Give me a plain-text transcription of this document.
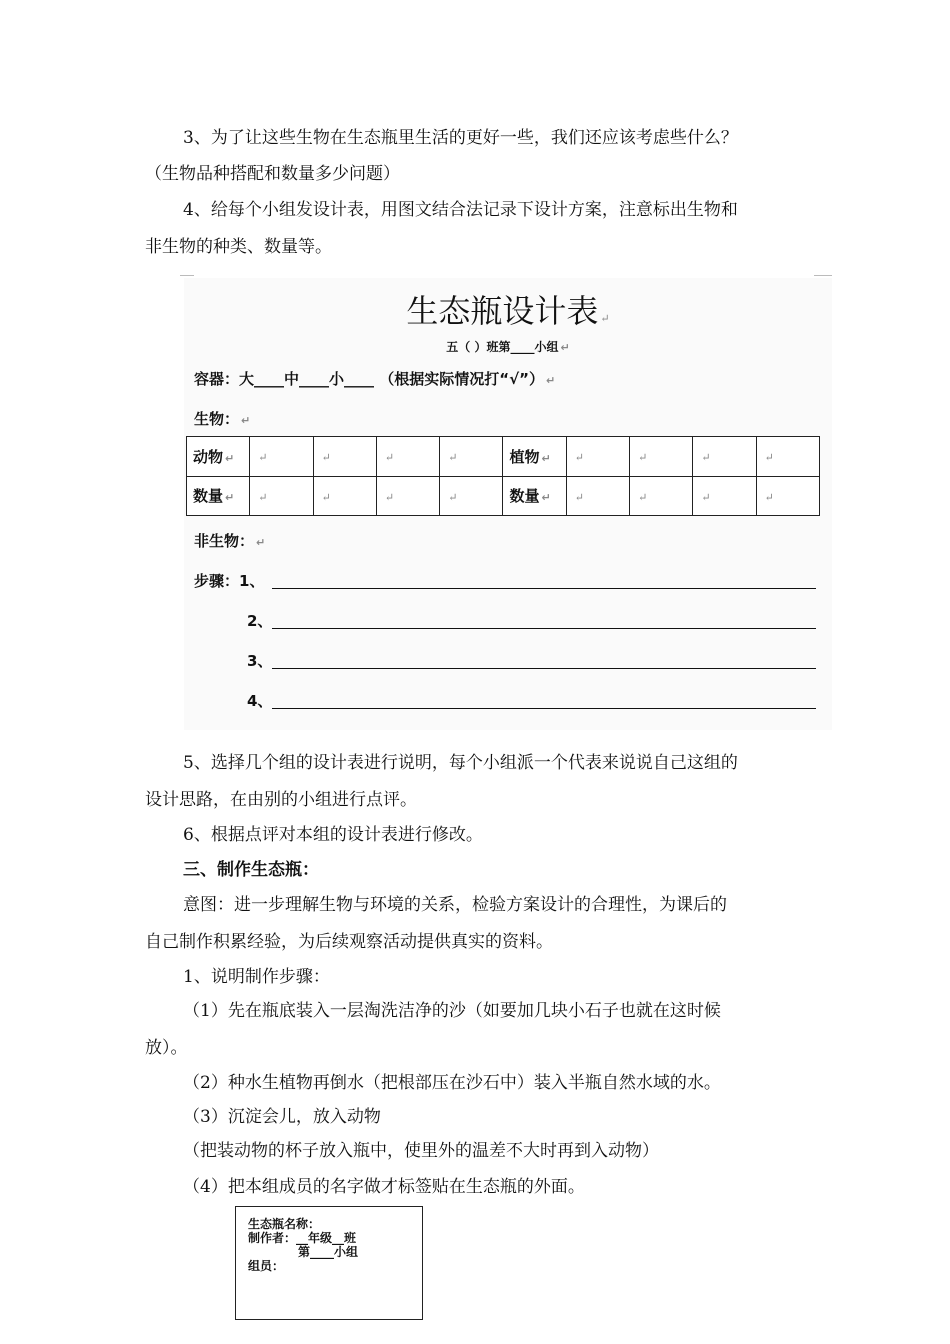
3、为了让这些生物在生态瓶里生活的更好一些，我们还应该考虑些什么？
（生物品种搭配和数量多少问题）
4、给每个小组发设计表，用图文结合法记录下设计方案，注意标出生物和
非生物的种类、数量等。
生态瓶设计表 ↵
五（ ）班第____小组 ↵
容器：大____中____小____ （根据实际情况打“√”） ↵
生物： ↵
动物 ↵	↵	↵	↵	↵	植物 ↵	↵	↵	↵	↵
数量 ↵	↵	↵	↵	↵	数量 ↵	↵	↵	↵	↵
非生物： ↵
步骤：1、
2、
3、
4、
5、选择几个组的设计表进行说明，每个小组派一个代表来说说自己这组的
设计思路，在由别的小组进行点评。
6、根据点评对本组的设计表进行修改。
三、制作生态瓶：
意图：进一步理解生物与环境的关系，检验方案设计的合理性，为课后的
自己制作积累经验，为后续观察活动提供真实的资料。
1、说明制作步骤：
（1）先在瓶底装入一层淘洗洁净的沙（如要加几块小石子也就在这时候
放）。
（2）种水生植物再倒水（把根部压在沙石中）装入半瓶自然水域的水。
（3）沉淀会儿，放入动物
（把装动物的杯子放入瓶中，使里外的温差不大时再到入动物）
（4）把本组成员的名字做才标签贴在生态瓶的外面。
生态瓶名称：
制作者：__年级__班
第____小组
组员：
